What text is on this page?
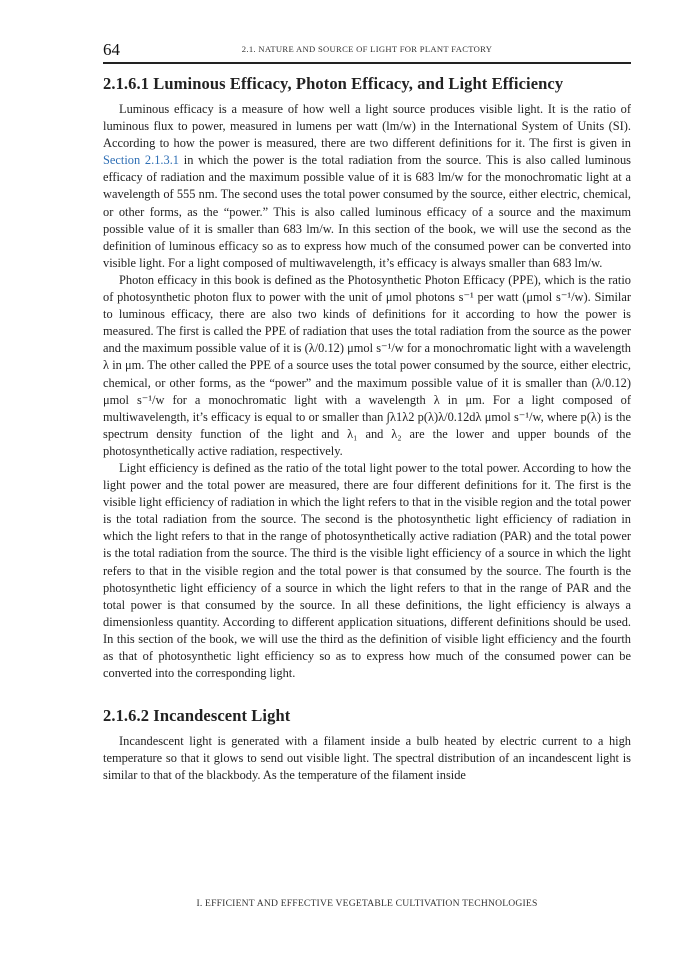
64	2.1. NATURE AND SOURCE OF LIGHT FOR PLANT FACTORY
2.1.6.1 Luminous Efficacy, Photon Efficacy, and Light Efficiency

Luminous efficacy is a measure of how well a light source produces visible light. It is the ratio of luminous flux to power, measured in lumens per watt (lm/w) in the International System of Units (SI). According to how the power is measured, there are two different definitions for it. The first is given in Section 2.1.3.1 in which the power is the total radiation from the source. This is also called luminous efficacy of radiation and the maximum possible value of it is 683 lm/w for the monochromatic light at a wavelength of 555 nm. The second uses the total power consumed by the source, either electric, chemical, or other forms, as the “power.” This is also called luminous efficacy of a source and the maximum possible value of it is smaller than 683 lm/w. In this section of the book, we will use the second as the definition of luminous efficacy so as to express how much of the consumed power can be converted into visible light. For a light composed of multiwavelength, it’s efficacy is always smaller than 683 lm/w.

Photon efficacy in this book is defined as the Photosynthetic Photon Efficacy (PPE), which is the ratio of photosynthetic photon flux to power with the unit of μmol photons s⁻¹ per watt (μmol s⁻¹/w). Similar to luminous efficacy, there are also two kinds of definitions for it according to how the power is measured. The first is called the PPE of radiation that uses the total radiation from the source as the power and the maximum possible value of it is (λ/0.12) μmol s⁻¹/w for a monochromatic light with a wavelength λ in μm. The other called the PPE of a source uses the total power consumed by the source, either electric, chemical, or other forms, as the “power” and the maximum possible value of it is smaller than (λ/0.12) μmol s⁻¹/w for a monochromatic light with a wavelength λ in μm. For a light composed of multiwavelength, it’s efficacy is equal to or smaller than ∫λ1λ2 p(λ)λ/0.12dλ μmol s⁻¹/w, where p(λ) is the spectrum density function of the light and λ₁ and λ₂ are the lower and upper bounds of the photosynthetically active radiation, respectively.

Light efficiency is defined as the ratio of the total light power to the total power. According to how the light power and the total power are measured, there are four different definitions for it. The first is the visible light efficiency of radiation in which the light refers to that in the visible region and the total power is the total radiation from the source. The second is the photosynthetic light efficiency of radiation in which the light refers to that in the range of photosynthetically active radiation (PAR) and the total power is the total radiation from the source. The third is the visible light efficiency of a source in which the light refers to that in the visible region and the total power is that consumed by the source. The fourth is the photosynthetic light efficiency of a source in which the light refers to that in the range of PAR and the total power is that consumed by the source. In all these definitions, the light efficiency is always a dimensionless quantity. According to different application situations, different definitions should be used. In this section of the book, we will use the third as the definition of visible light efficiency and the fourth as that of photosynthetic light efficiency so as to express how much of the consumed power can be converted into the corresponding light.

2.1.6.2 Incandescent Light

Incandescent light is generated with a filament inside a bulb heated by electric current to a high temperature so that it glows to send out visible light. The spectral distribution of an incandescent light is similar to that of the blackbody. As the temperature of the filament inside

I. EFFICIENT AND EFFECTIVE VEGETABLE CULTIVATION TECHNOLOGIES
